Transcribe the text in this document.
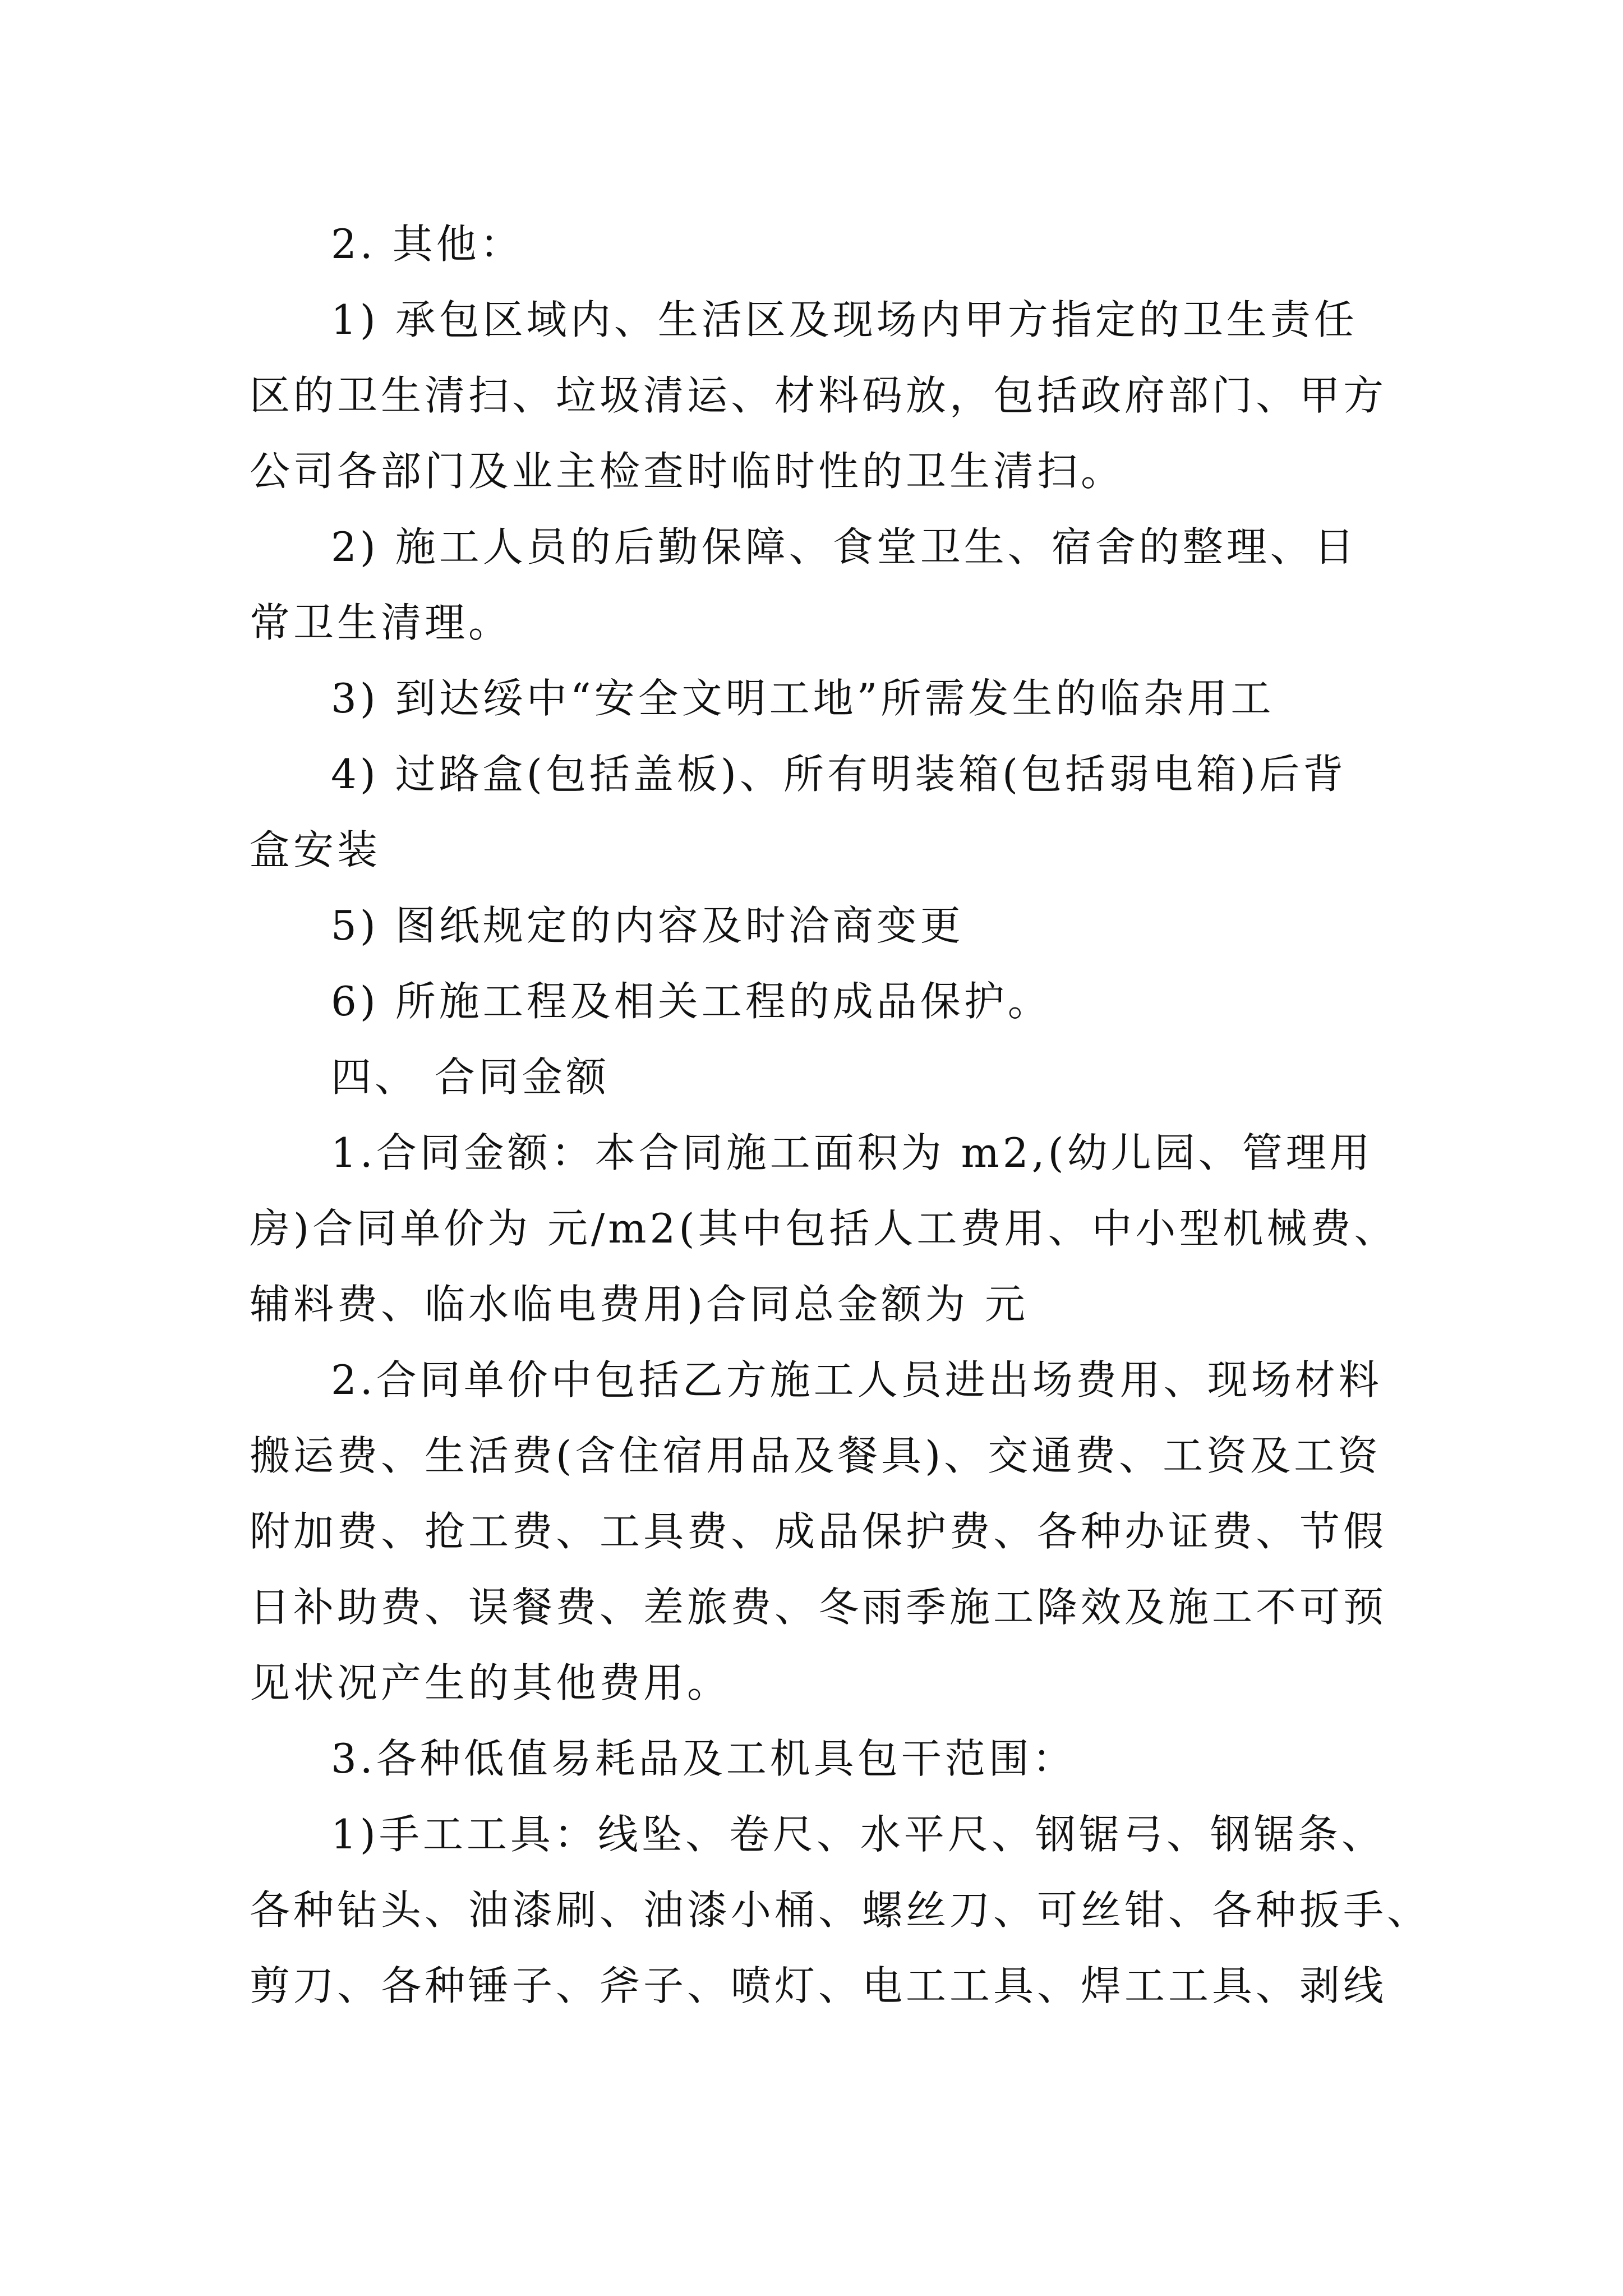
2. 其他：
1) 承包区域内、生活区及现场内甲方指定的卫生责任
区的卫生清扫、垃圾清运、材料码放，包括政府部门、甲方
公司各部门及业主检查时临时性的卫生清扫。
2) 施工人员的后勤保障、食堂卫生、宿舍的整理、日
常卫生清理。
3) 到达绥中“安全文明工地”所需发生的临杂用工
4) 过路盒(包括盖板)、所有明装箱(包括弱电箱)后背
盒安装
5) 图纸规定的内容及时洽商变更
6) 所施工程及相关工程的成品保护。
四、 合同金额
1.合同金额：本合同施工面积为 m2,(幼儿园、管理用
房)合同单价为 元/m2(其中包括人工费用、中小型机械费、
辅料费、临水临电费用)合同总金额为 元
2.合同单价中包括乙方施工人员进出场费用、现场材料
搬运费、生活费(含住宿用品及餐具)、交通费、工资及工资
附加费、抢工费、工具费、成品保护费、各种办证费、节假
日补助费、误餐费、差旅费、冬雨季施工降效及施工不可预
见状况产生的其他费用。
3.各种低值易耗品及工机具包干范围：
1)手工工具：线坠、卷尺、水平尺、钢锯弓、钢锯条、
各种钻头、油漆刷、油漆小桶、螺丝刀、可丝钳、各种扳手、
剪刀、各种锤子、斧子、喷灯、电工工具、焊工工具、剥线
